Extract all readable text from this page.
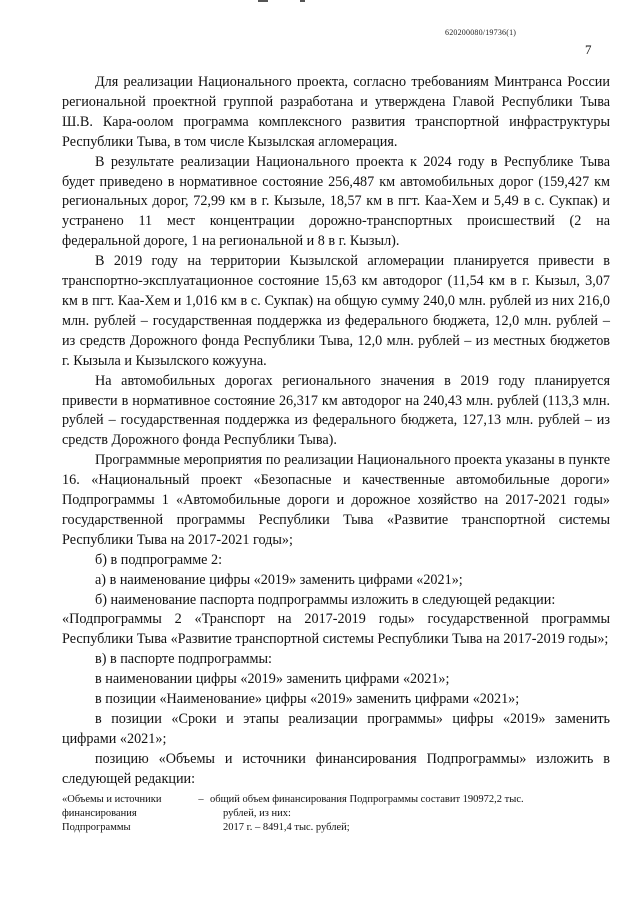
620200080/19736(1)
7

Для реализации Национального проекта, согласно требованиям Минтранса России региональной проектной группой разработана и утверждена Главой Республики Тыва Ш.В. Кара-оолом программа комплексного развития транспортной инфраструктуры Республики Тыва, в том числе Кызылская агломерация.

В результате реализации Национального проекта к 2024 году в Республике Тыва будет приведено в нормативное состояние 256,487 км автомобильных дорог (159,427 км региональных дорог, 72,99 км в г. Кызыле, 18,57 км в пгт. Каа-Хем и 5,49 в с. Сукпак) и устранено 11 мест концентрации дорожно-транспортных происшествий (2 на федеральной дороге, 1 на региональной и 8 в г. Кызыл).

В 2019 году на территории Кызылской агломерации планируется привести в транспортно-эксплуатационное состояние 15,63 км автодорог (11,54 км в г. Кызыл, 3,07 км в пгт. Каа-Хем и 1,016 км в с. Сукпак) на общую сумму 240,0 млн. рублей из них 216,0 млн. рублей – государственная поддержка из федерального бюджета, 12,0 млн. рублей – из средств Дорожного фонда Республики Тыва, 12,0 млн. рублей – из местных бюджетов г. Кызыла и Кызылского кожууна.

На автомобильных дорогах регионального значения в 2019 году планируется привести в нормативное состояние 26,317 км автодорог на 240,43 млн. рублей (113,3 млн. рублей – государственная поддержка из федерального бюджета, 127,13 млн. рублей – из средств Дорожного фонда Республики Тыва).

Программные мероприятия по реализации Национального проекта указаны в пункте 16. «Национальный проект «Безопасные и качественные автомобильные дороги» Подпрограммы 1 «Автомобильные дороги и дорожное хозяйство на 2017-2021 годы» государственной программы Республики Тыва «Развитие транспортной системы Республики Тыва на 2017-2021 годы»;

б) в подпрограмме 2:

а) в наименование цифры «2019» заменить цифрами «2021»;

б) наименование паспорта подпрограммы изложить в следующей редакции:

«Подпрограммы 2 «Транспорт на 2017-2019 годы» государственной программы Республики Тыва «Развитие транспортной системы Республики Тыва на 2017-2019 годы»;

в) в паспорте подпрограммы:

в наименовании цифры «2019» заменить цифрами «2021»;

в позиции «Наименование» цифры «2019» заменить цифрами «2021»;

в позиции «Сроки и этапы реализации программы» цифры «2019» заменить цифрами «2021»;

позицию «Объемы и источники финансирования Подпрограммы» изложить в следующей редакции:

«Объемы и источники финансирования Подпрограммы
– общий объем финансирования Подпрограммы составит 190972,2 тыс.
рублей, из них:
2017 г. – 8491,4 тыс. рублей;
